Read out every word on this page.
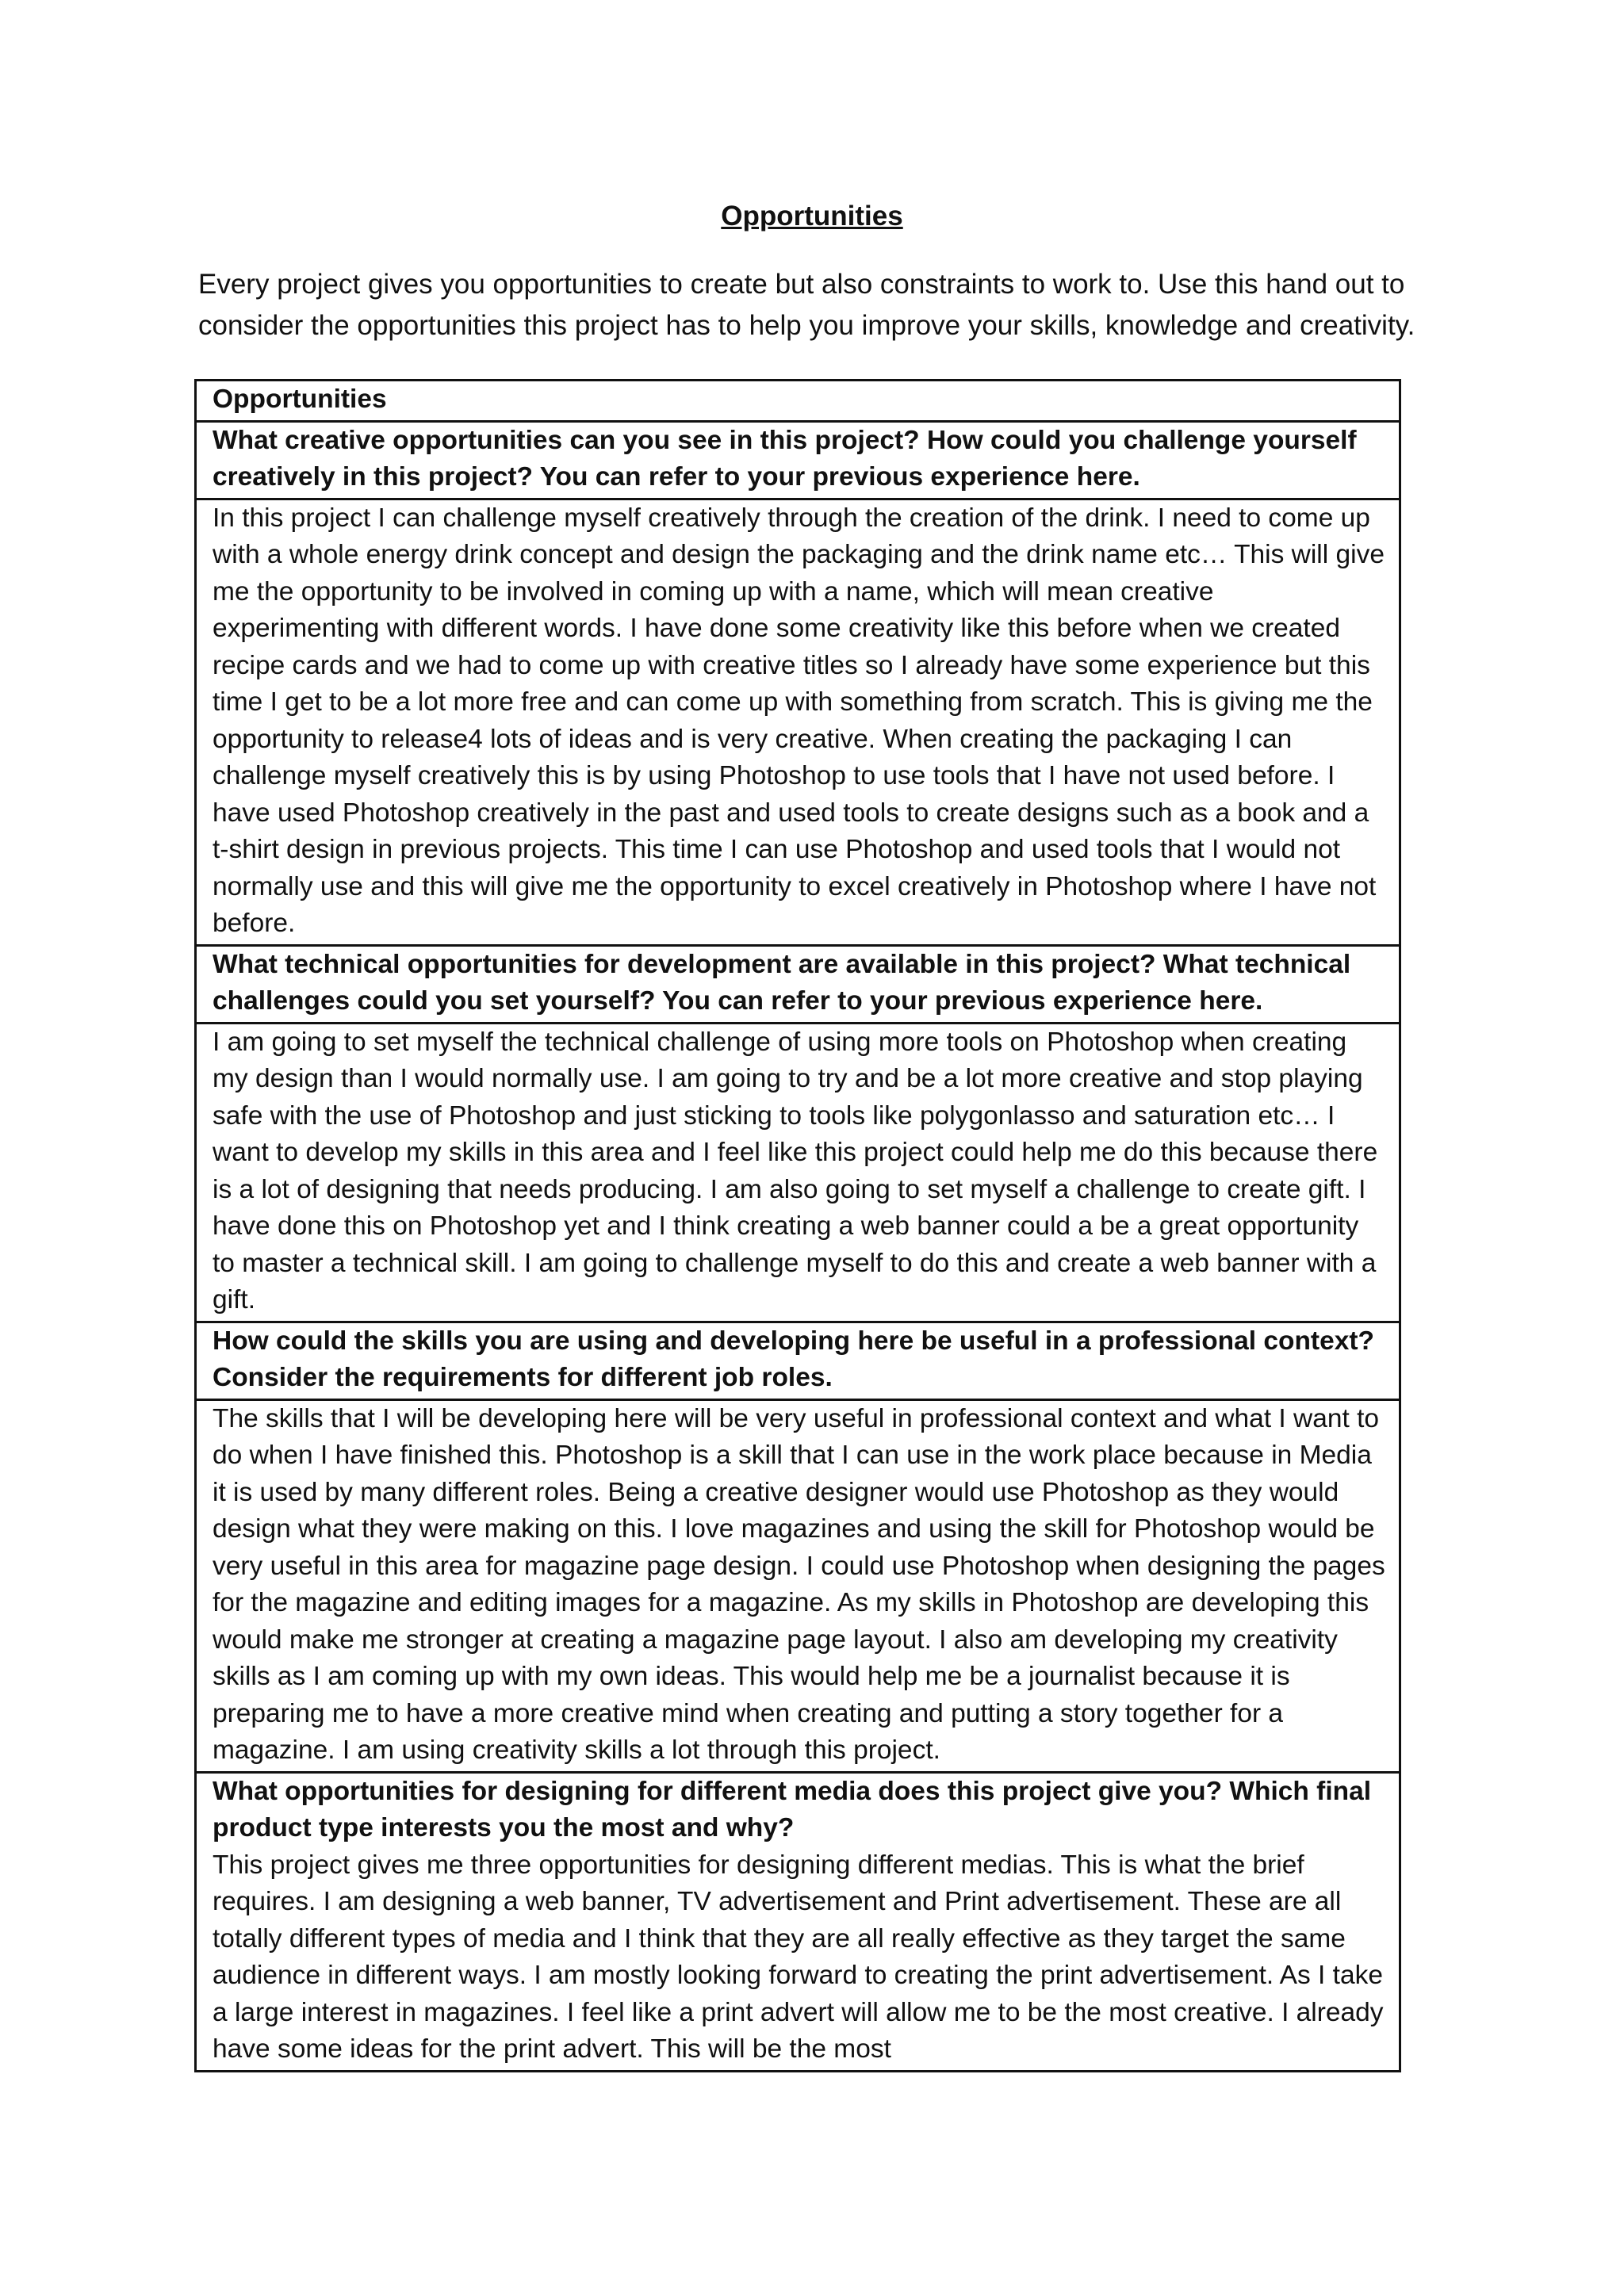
Opportunities

Every project gives you opportunities to create but also constraints to work to. Use this hand out to consider the opportunities this project has to help you improve your skills, knowledge and creativity.

Opportunities
What creative opportunities can you see in this project? How could you challenge yourself creatively in this project? You can refer to your previous experience here.
In this project I can challenge myself creatively through the creation of the drink. I need to come up with a whole energy drink concept and design the packaging and the drink name etc… This will give me the opportunity to be involved in coming up with a name, which will mean creative experimenting with different words. I have done some creativity like this before when we created recipe cards and we had to come up with creative titles so I already have some experience but this time I get to be a lot more free and can come up with something from scratch. This is giving me the opportunity to release4 lots of ideas and is very creative. When creating the packaging I can challenge myself creatively this is by using Photoshop to use tools that I have not used before. I have used Photoshop creatively in the past and used tools to create designs such as a book and a t-shirt design in previous projects. This time I can use Photoshop and used tools that I would not normally use and this will give me the opportunity to excel creatively in Photoshop where I have not before.
What technical opportunities for development are available in this project? What technical challenges could you set yourself? You can refer to your previous experience here.
I am going to set myself the technical challenge of using more tools on Photoshop when creating my design than I would normally use. I am going to try and be a lot more creative and stop playing safe with the use of Photoshop and just sticking to tools like polygonlasso and saturation etc… I want to develop my skills in this area and I feel like this project could help me do this because there is a lot of designing that needs producing. I am also going to set myself a challenge to create gift. I have done this on Photoshop yet and I think creating a web banner could a be a great opportunity to master a technical skill. I am going to challenge myself to do this and create a web banner with a gift.
How could the skills you are using and developing here be useful in a professional context? Consider the requirements for different job roles.
The skills that I will be developing here will be very useful in professional context and what I want to do when I have finished this. Photoshop is a skill that I can use in the work place because in Media it is used by many different roles. Being a creative designer would use Photoshop as they would design what they were making on this. I love magazines and using the skill for Photoshop would be very useful in this area for magazine page design. I could use Photoshop when designing the pages for the magazine and editing images for a magazine. As my skills in Photoshop are developing this would make me stronger at creating a magazine page layout. I also am developing my creativity skills as I am coming up with my own ideas. This would help me be a journalist because it is preparing me to have a more creative mind when creating and putting a story together for a magazine. I am using creativity skills a lot through this project.
What opportunities for designing for different media does this project give you? Which final product type interests you the most and why?
This project gives me three opportunities for designing different medias. This is what the brief requires. I am designing a web banner, TV advertisement and Print advertisement. These are all totally different types of media and I think that they are all really effective as they target the same audience in different ways. I am mostly looking forward to creating the print advertisement. As I take a large interest in magazines. I feel like a print advert will allow me to be the most creative. I already have some ideas for the print advert. This will be the most
